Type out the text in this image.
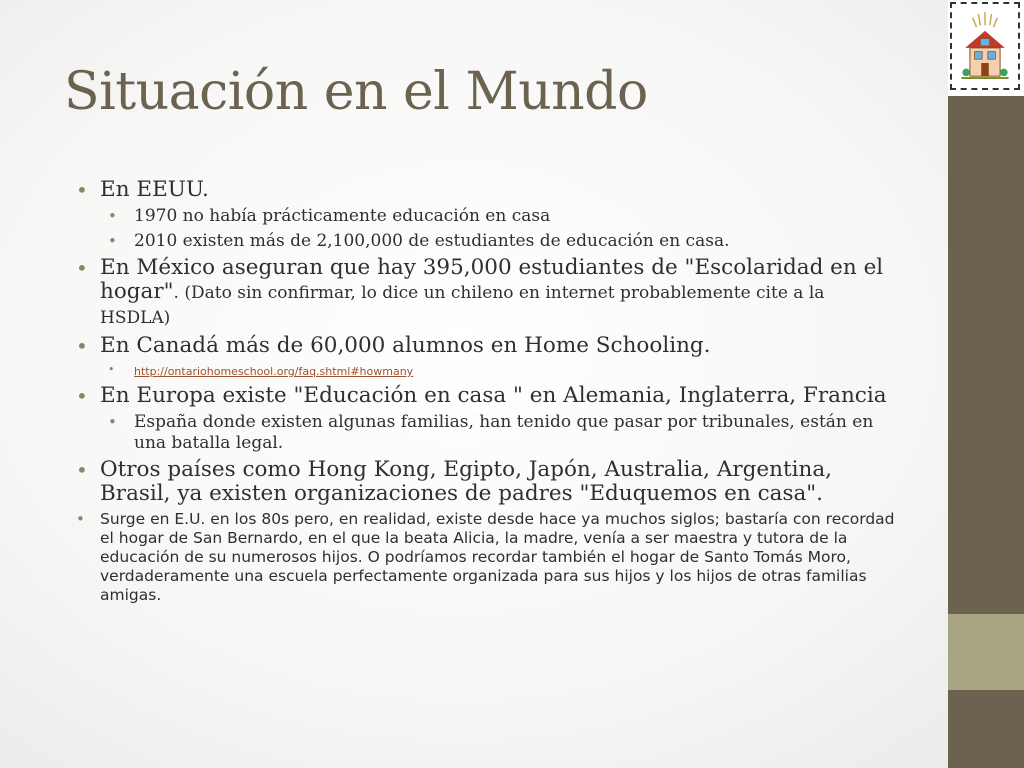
Situación en el Mundo
• En EEUU.
• 1970 no había prácticamente educación en casa
• 2010 existen más de 2,100,000 de estudiantes de educación en casa.
• En México aseguran que hay 395,000 estudiantes de "Escolaridad en el hogar". (Dato sin confirmar, lo dice un chileno en internet probablemente cite a la HSDLA)
• En Canadá más de 60,000 alumnos en Home Schooling.
• http://ontariohomeschool.org/faq.shtml#howmany
• En Europa existe "Educación en casa " en Alemania, Inglaterra, Francia
• España donde existen algunas familias, han tenido que pasar por tribunales, están en una batalla legal.
• Otros países como Hong Kong, Egipto, Japón, Australia, Argentina, Brasil, ya existen organizaciones de padres "Eduquemos en casa".
• Surge en E.U. en los 80s pero, en realidad, existe desde hace ya muchos siglos; bastaría con recordad el hogar de San Bernardo, en el que la beata Alicia, la madre, venía a ser maestra y tutora de la educación de su numerosos hijos. O podríamos recordar también el hogar de Santo Tomás Moro, verdaderamente una escuela perfectamente organizada para sus hijos y los hijos de otras familias amigas.
